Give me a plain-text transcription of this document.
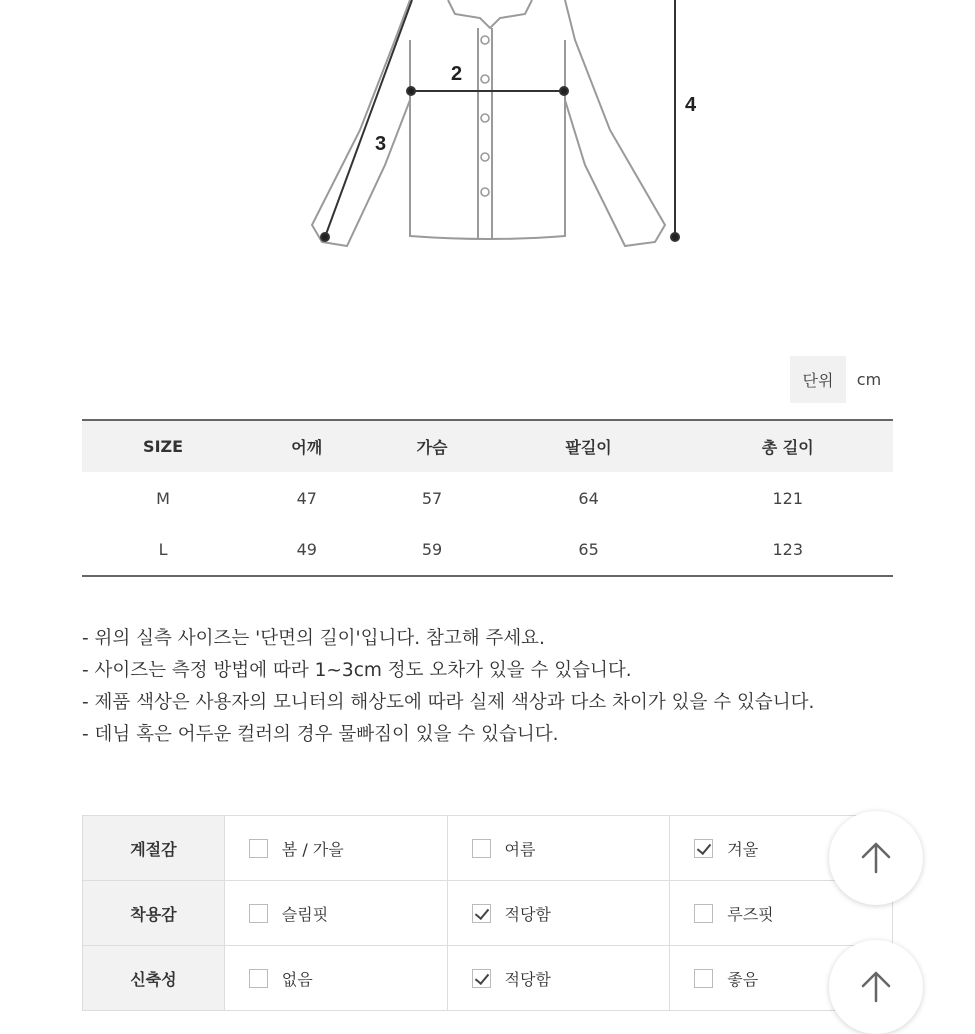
2
3
4
단위	cm
SIZE	어깨	가슴	팔길이	총 길이
M	47	57	64	121
L	49	59	65	123
- 위의 실측 사이즈는 '단면의 길이'입니다. 참고해 주세요.
- 사이즈는 측정 방법에 따라 1~3cm 정도 오차가 있을 수 있습니다.
- 제품 색상은 사용자의 모니터의 해상도에 따라 실제 색상과 다소 차이가 있을 수 있습니다.
- 데님 혹은 어두운 컬러의 경우 물빠짐이 있을 수 있습니다.
계절감	봄 / 가을	여름	겨울

착용감	슬림핏	적당함	루즈핏

신축성	없음	적당함	좋음
